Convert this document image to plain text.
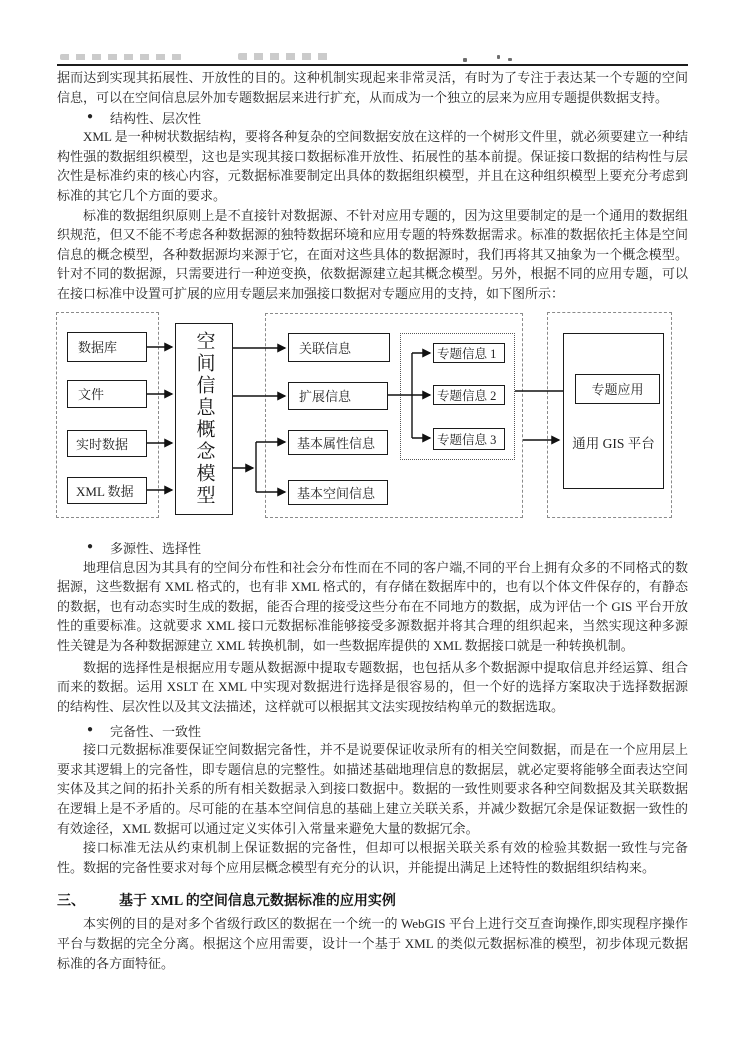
据而达到实现其拓展性、开放性的目的。这种机制实现起来非常灵活，有时为了专注于表达某一个专题的空间信息，可以在空间信息层外加专题数据层来进行扩充，从而成为一个独立的层来为应用专题提供数据支持。

● 结构性、层次性

XML 是一种树状数据结构，要将各种复杂的空间数据安放在这样的一个树形文件里，就必须要建立一种结构性强的数据组织模型，这也是实现其接口数据标准开放性、拓展性的基本前提。保证接口数据的结构性与层次性是标准约束的核心内容，元数据标准要制定出具体的数据组织模型，并且在这种组织模型上要充分考虑到标准的其它几个方面的要求。

标准的数据组织原则上是不直接针对数据源、不针对应用专题的，因为这里要制定的是一个通用的数据组织规范，但又不能不考虑各种数据源的独特数据环境和应用专题的特殊数据需求。标准的数据依托主体是空间信息的概念模型，各种数据源均来源于它，在面对这些具体的数据源时，我们再将其又抽象为一个概念模型。针对不同的数据源，只需要进行一种逆变换，依数据源建立起其概念模型。另外，根据不同的应用专题，可以在接口标准中设置可扩展的应用专题层来加强接口数据对专题应用的支持，如下图所示：

数据库
文件
实时数据
XML 数据	空间信息概念模型	关联信息
扩展信息
基本属性信息
基本空间信息
专题信息 1
专题信息 2
专题信息 3
专题应用
通用 GIS 平台
● 多源性、选择性

地理信息因为其具有的空间分布性和社会分布性而在不同的客户端,不同的平台上拥有众多的不同格式的数据源，这些数据有 XML 格式的，也有非 XML 格式的，有存储在数据库中的，也有以个体文件保存的，有静态的数据，也有动态实时生成的数据，能否合理的接受这些分布在不同地方的数据，成为评估一个 GIS 平台开放性的重要标准。这就要求 XML 接口元数据标准能够接受多源数据并将其合理的组织起来，当然实现这种多源性关键是为各种数据源建立 XML 转换机制，如一些数据库提供的 XML 数据接口就是一种转换机制。

数据的选择性是根据应用专题从数据源中提取专题数据，也包括从多个数据源中提取信息并经运算、组合而来的数据。运用 XSLT 在 XML 中实现对数据进行选择是很容易的，但一个好的选择方案取决于选择数据源的结构性、层次性以及其文法描述，这样就可以根据其文法实现按结构单元的数据选取。

● 完备性、一致性

接口元数据标准要保证空间数据完备性，并不是说要保证收录所有的相关空间数据，而是在一个应用层上要求其逻辑上的完备性，即专题信息的完整性。如描述基础地理信息的数据层，就必定要将能够全面表达空间实体及其之间的拓扑关系的所有相关数据录入到接口数据中。数据的一致性则要求各种空间数据及其关联数据在逻辑上是不矛盾的。尽可能的在基本空间信息的基础上建立关联关系，并减少数据冗余是保证数据一致性的有效途径，XML 数据可以通过定义实体引入常量来避免大量的数据冗余。

接口标准无法从约束机制上保证数据的完备性，但却可以根据关联关系有效的检验其数据一致性与完备性。数据的完备性要求对每个应用层概念模型有充分的认识，并能提出满足上述特性的数据组织结构来。

三、	基于 XML 的空间信息元数据标准的应用实例

本实例的目的是对多个省级行政区的数据在一个统一的 WebGIS 平台上进行交互查询操作,即实现程序操作平台与数据的完全分离。根据这个应用需要，设计一个基于 XML 的类似元数据标准的模型，初步体现元数据标准的各方面特征。
